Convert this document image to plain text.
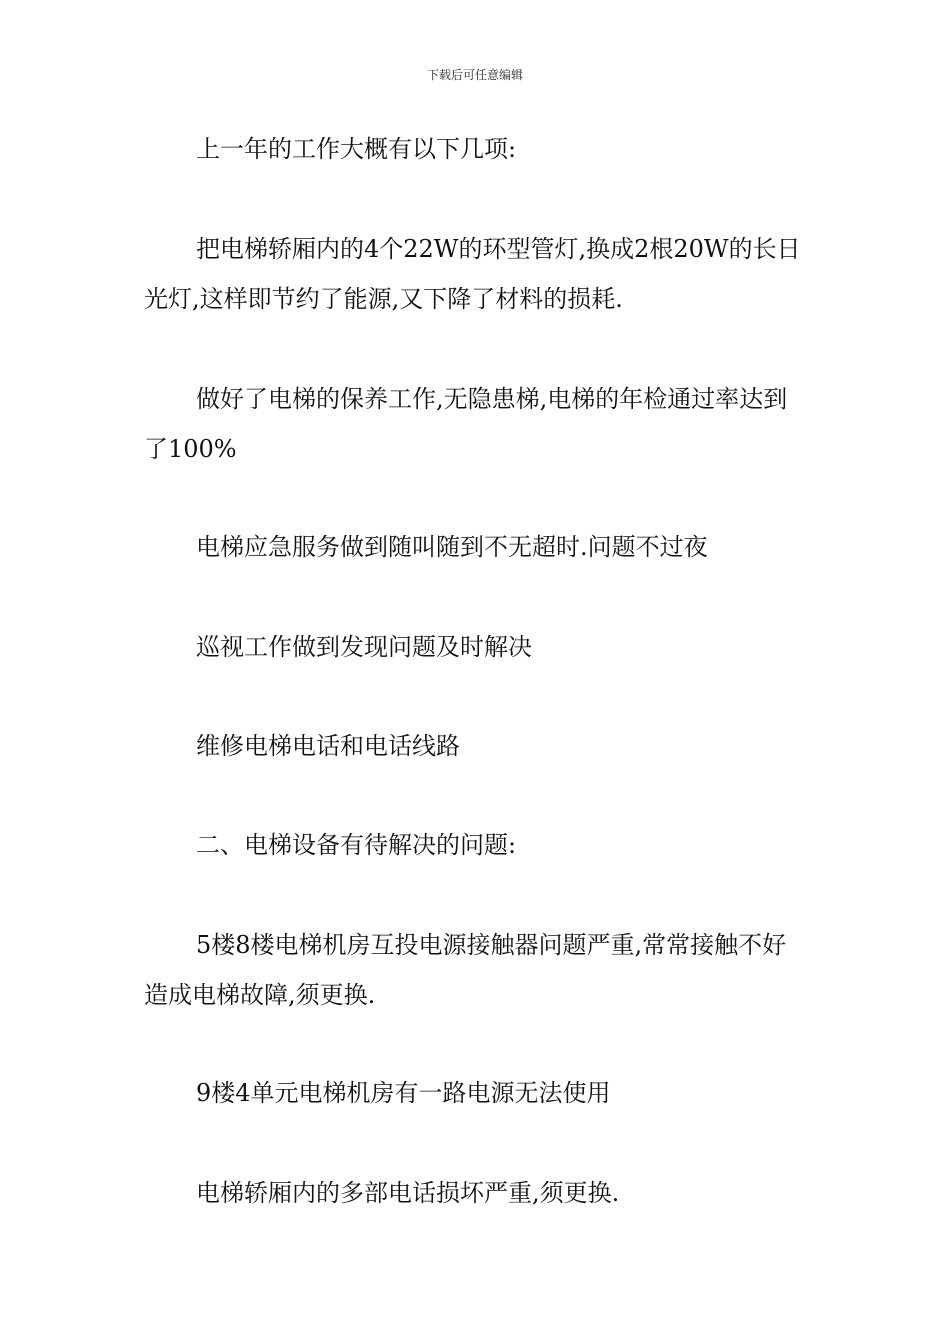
下载后可任意编辑

上一年的工作大概有以下几项:

把电梯轿厢内的4个22W的环型管灯,换成2根20W的长日光灯,这样即节约了能源,又下降了材料的损耗.

做好了电梯的保养工作,无隐患梯,电梯的年检通过率达到了100%

电梯应急服务做到随叫随到不无超时.问题不过夜

巡视工作做到发现问题及时解决

维修电梯电话和电话线路

二、电梯设备有待解决的问题:

5楼8楼电梯机房互投电源接触器问题严重,常常接触不好造成电梯故障,须更换.

9楼4单元电梯机房有一路电源无法使用

电梯轿厢内的多部电话损坏严重,须更换.
